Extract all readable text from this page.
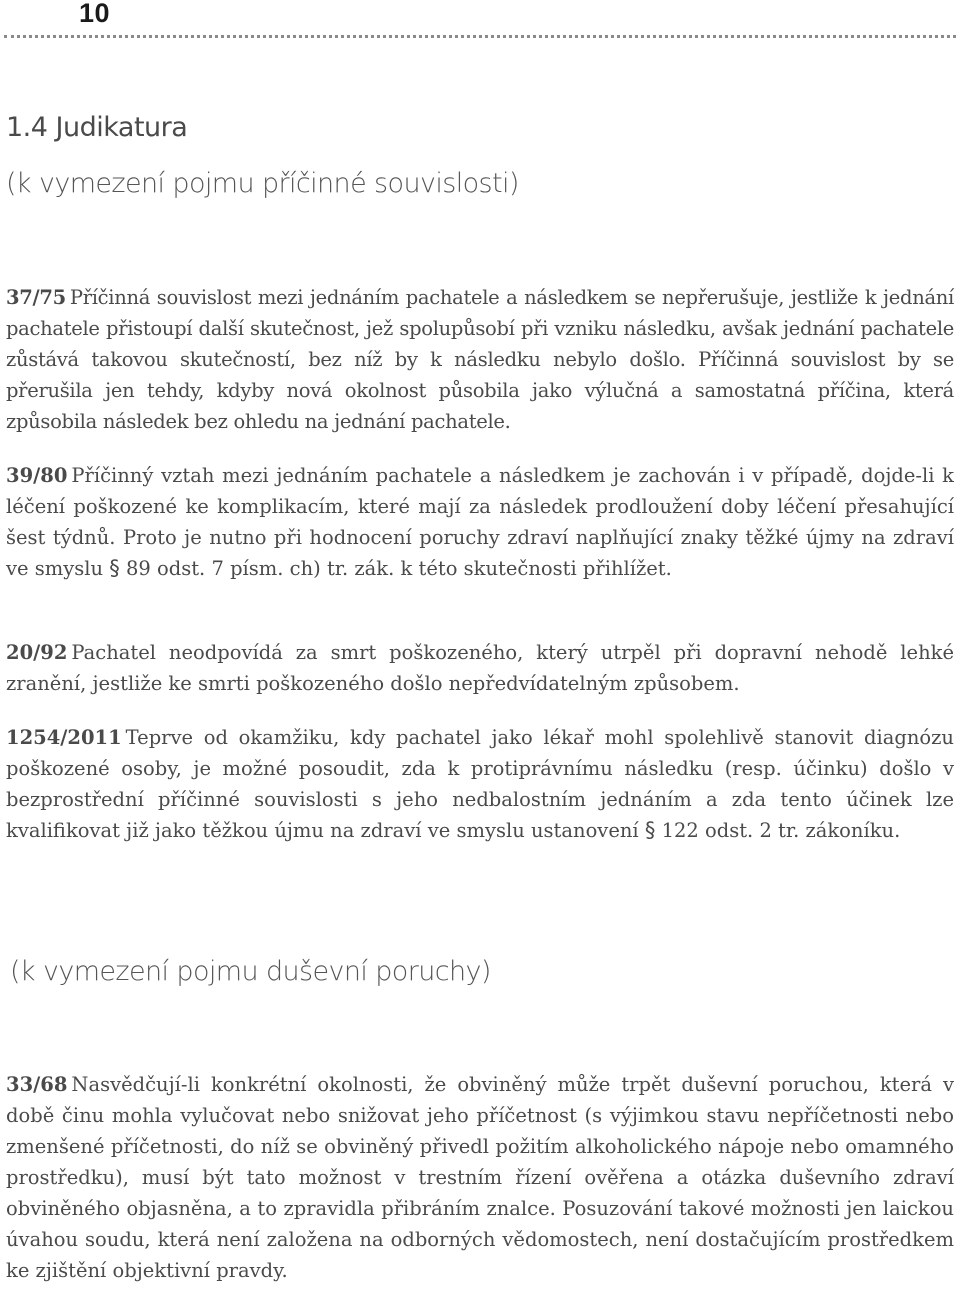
10
1.4 Judikatura
(k vymezení pojmu příčinné souvislosti)

37/75 Příčinná souvislost mezi jednáním pachatele a následkem se nepřerušuje, jestliže k jednání pachatele přistoupí další skutečnost, jež spolupůsobí při vzniku následku, avšak jednání pachatele zůstává takovou skutečností, bez níž by k následku nebylo došlo. Příčinná souvislost by se přerušila jen tehdy, kdyby nová okolnost působila jako výlučná a samostatná příčina, která způsobila následek bez ohledu na jednání pachatele.

39/80 Příčinný vztah mezi jednáním pachatele a následkem je zachován i v případě, dojde-li k léčení poškozené ke komplikacím, které mají za následek prodloužení doby léčení přesahující šest týdnů. Proto je nutno při hodnocení poruchy zdraví naplňující znaky těžké újmy na zdraví ve smyslu § 89 odst. 7 písm. ch) tr. zák. k této skutečnosti přihlížet.

20/92 Pachatel neodpovídá za smrt poškozeného, který utrpěl při dopravní nehodě lehké zranění, jestliže ke smrti poškozeného došlo nepředvídatelným způsobem.

1254/2011 Teprve od okamžiku, kdy pachatel jako lékař mohl spolehlivě stanovit diagnózu poškozené osoby, je možné posoudit, zda k protiprávnímu následku (resp. účinku) došlo v bezprostřední příčinné souvislosti s jeho nedbalostním jednáním a zda tento účinek lze kvalifikovat již jako těžkou újmu na zdraví ve smyslu ustanovení § 122 odst. 2 tr. zákoníku.

(k vymezení pojmu duševní poruchy)

33/68 Nasvědčují-li konkrétní okolnosti, že obviněný může trpět duševní poruchou, která v době činu mohla vylučovat nebo snižovat jeho příčetnost (s výjimkou stavu nepříčetnosti nebo zmenšené příčetnosti, do níž se obviněný přivedl požitím alkoholického nápoje nebo omamného prostředku), musí být tato možnost v trestním řízení ověřena a otázka duševního zdraví obviněného objasněna, a to zpravidla přibráním znalce. Posuzování takové možnosti jen laickou úvahou soudu, která není založena na odborných vědomostech, není dostačujícím prostředkem ke zjištění objektivní pravdy.
